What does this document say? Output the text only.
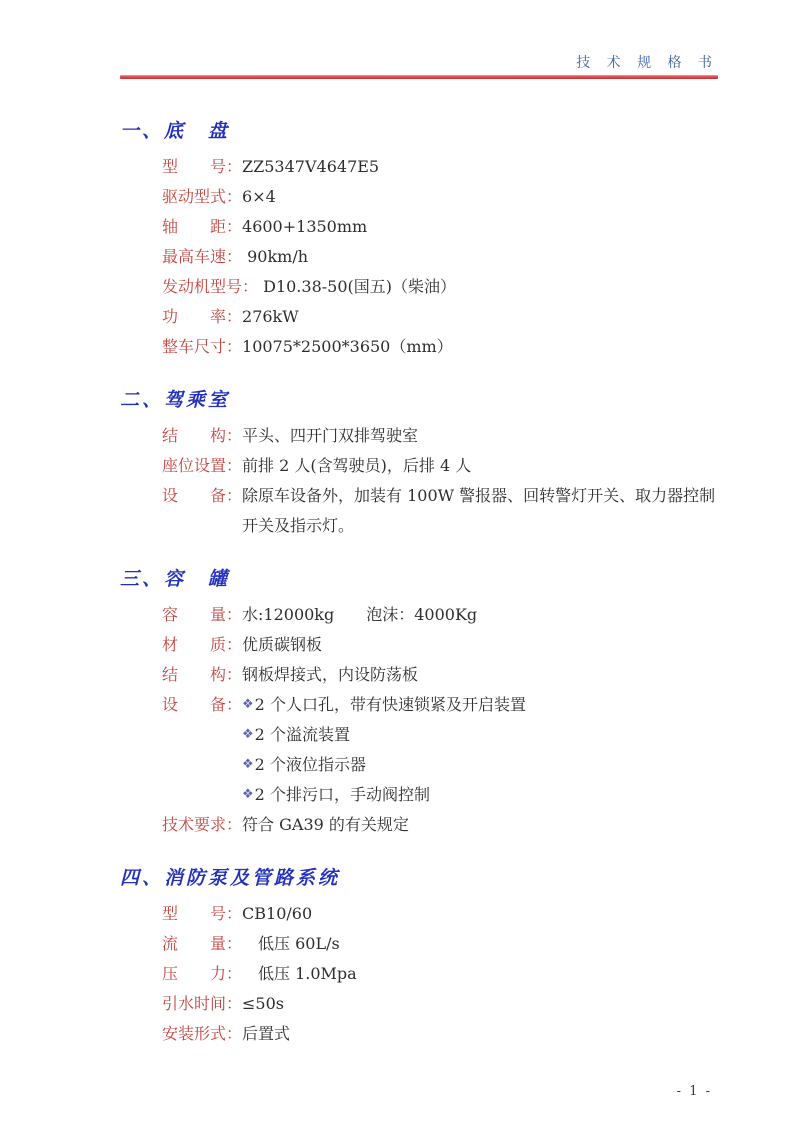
技 术 规 格 书
一、底　盘
型　　号： ZZ5347V4647E5
驱动型式： 6×4
轴　　距： 4600+1350mm
最高车速： 90km/h
发动机型号： D10.38-50(国五)（柴油）
功　　率： 276kW
整车尺寸： 10075*2500*3650（mm）
二、驾乘室
结　　构： 平头、四开门双排驾驶室
座位设置： 前排 2 人(含驾驶员)，后排 4 人
设　　备： 除原车设备外，加装有 100W 警报器、回转警灯开关、取力器控制开关及指示灯。
三、容　罐
容　　量： 水:12000kg　　泡沫：4000Kg
材　　质： 优质碳钢板
结　　构： 钢板焊接式，内设防荡板
设　　备： ❖ 2 个人口孔，带有快速锁紧及开启装置
❖ 2 个溢流装置
❖ 2 个液位指示器
❖ 2 个排污口，手动阀控制
技术要求： 符合 GA39 的有关规定
四、消防泵及管路系统
型　　号： CB10/60
流　　量： 　低压 60L/s
压　　力： 　低压 1.0Mpa
引水时间： ≤50s
安装形式： 后置式
- 1 -
